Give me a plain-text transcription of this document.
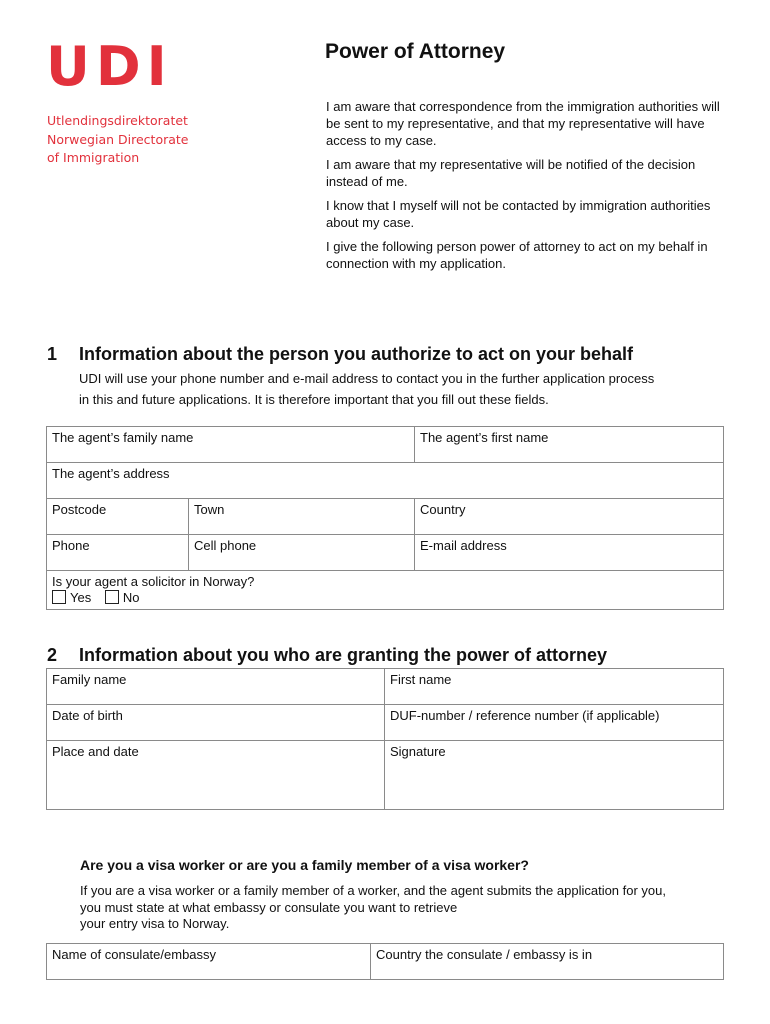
UDI
Utlendingsdirektoratet
Norwegian Directorate
of Immigration
Power of Attorney

I am aware that correspondence from the immigration authorities will be sent to my representative, and that my representative will have access to my case.

I am aware that my representative will be notified of the decision instead of me.

I know that I myself will not be contacted by immigration authorities about my case.

I give the following person power of attorney to act on my behalf in connection with my application.

1 Information about the person you authorize to act on your behalf
UDI will use your phone number and e-mail address to contact you in the further application process
in this and future applications. It is therefore important that you fill out these fields.
The agent’s family name		The agent’s first name
The agent’s address		
Postcode	Town	Country
Phone	Cell phone	E-mail address

Is your agent a solicitor in Norway?
Yes No		
2 Information about you who are granting the power of attorney
Family name	First name
Date of birth	DUF-number / reference number (if applicable)
Place and date	Signature
Are you a visa worker or are you a family member of a visa worker?
If you are a visa worker or a family member of a worker, and the agent submits the application for you,
you must state at what embassy or consulate you want to retrieve
your entry visa to Norway.
Name of consulate/embassy	Country the consulate / embassy is in
